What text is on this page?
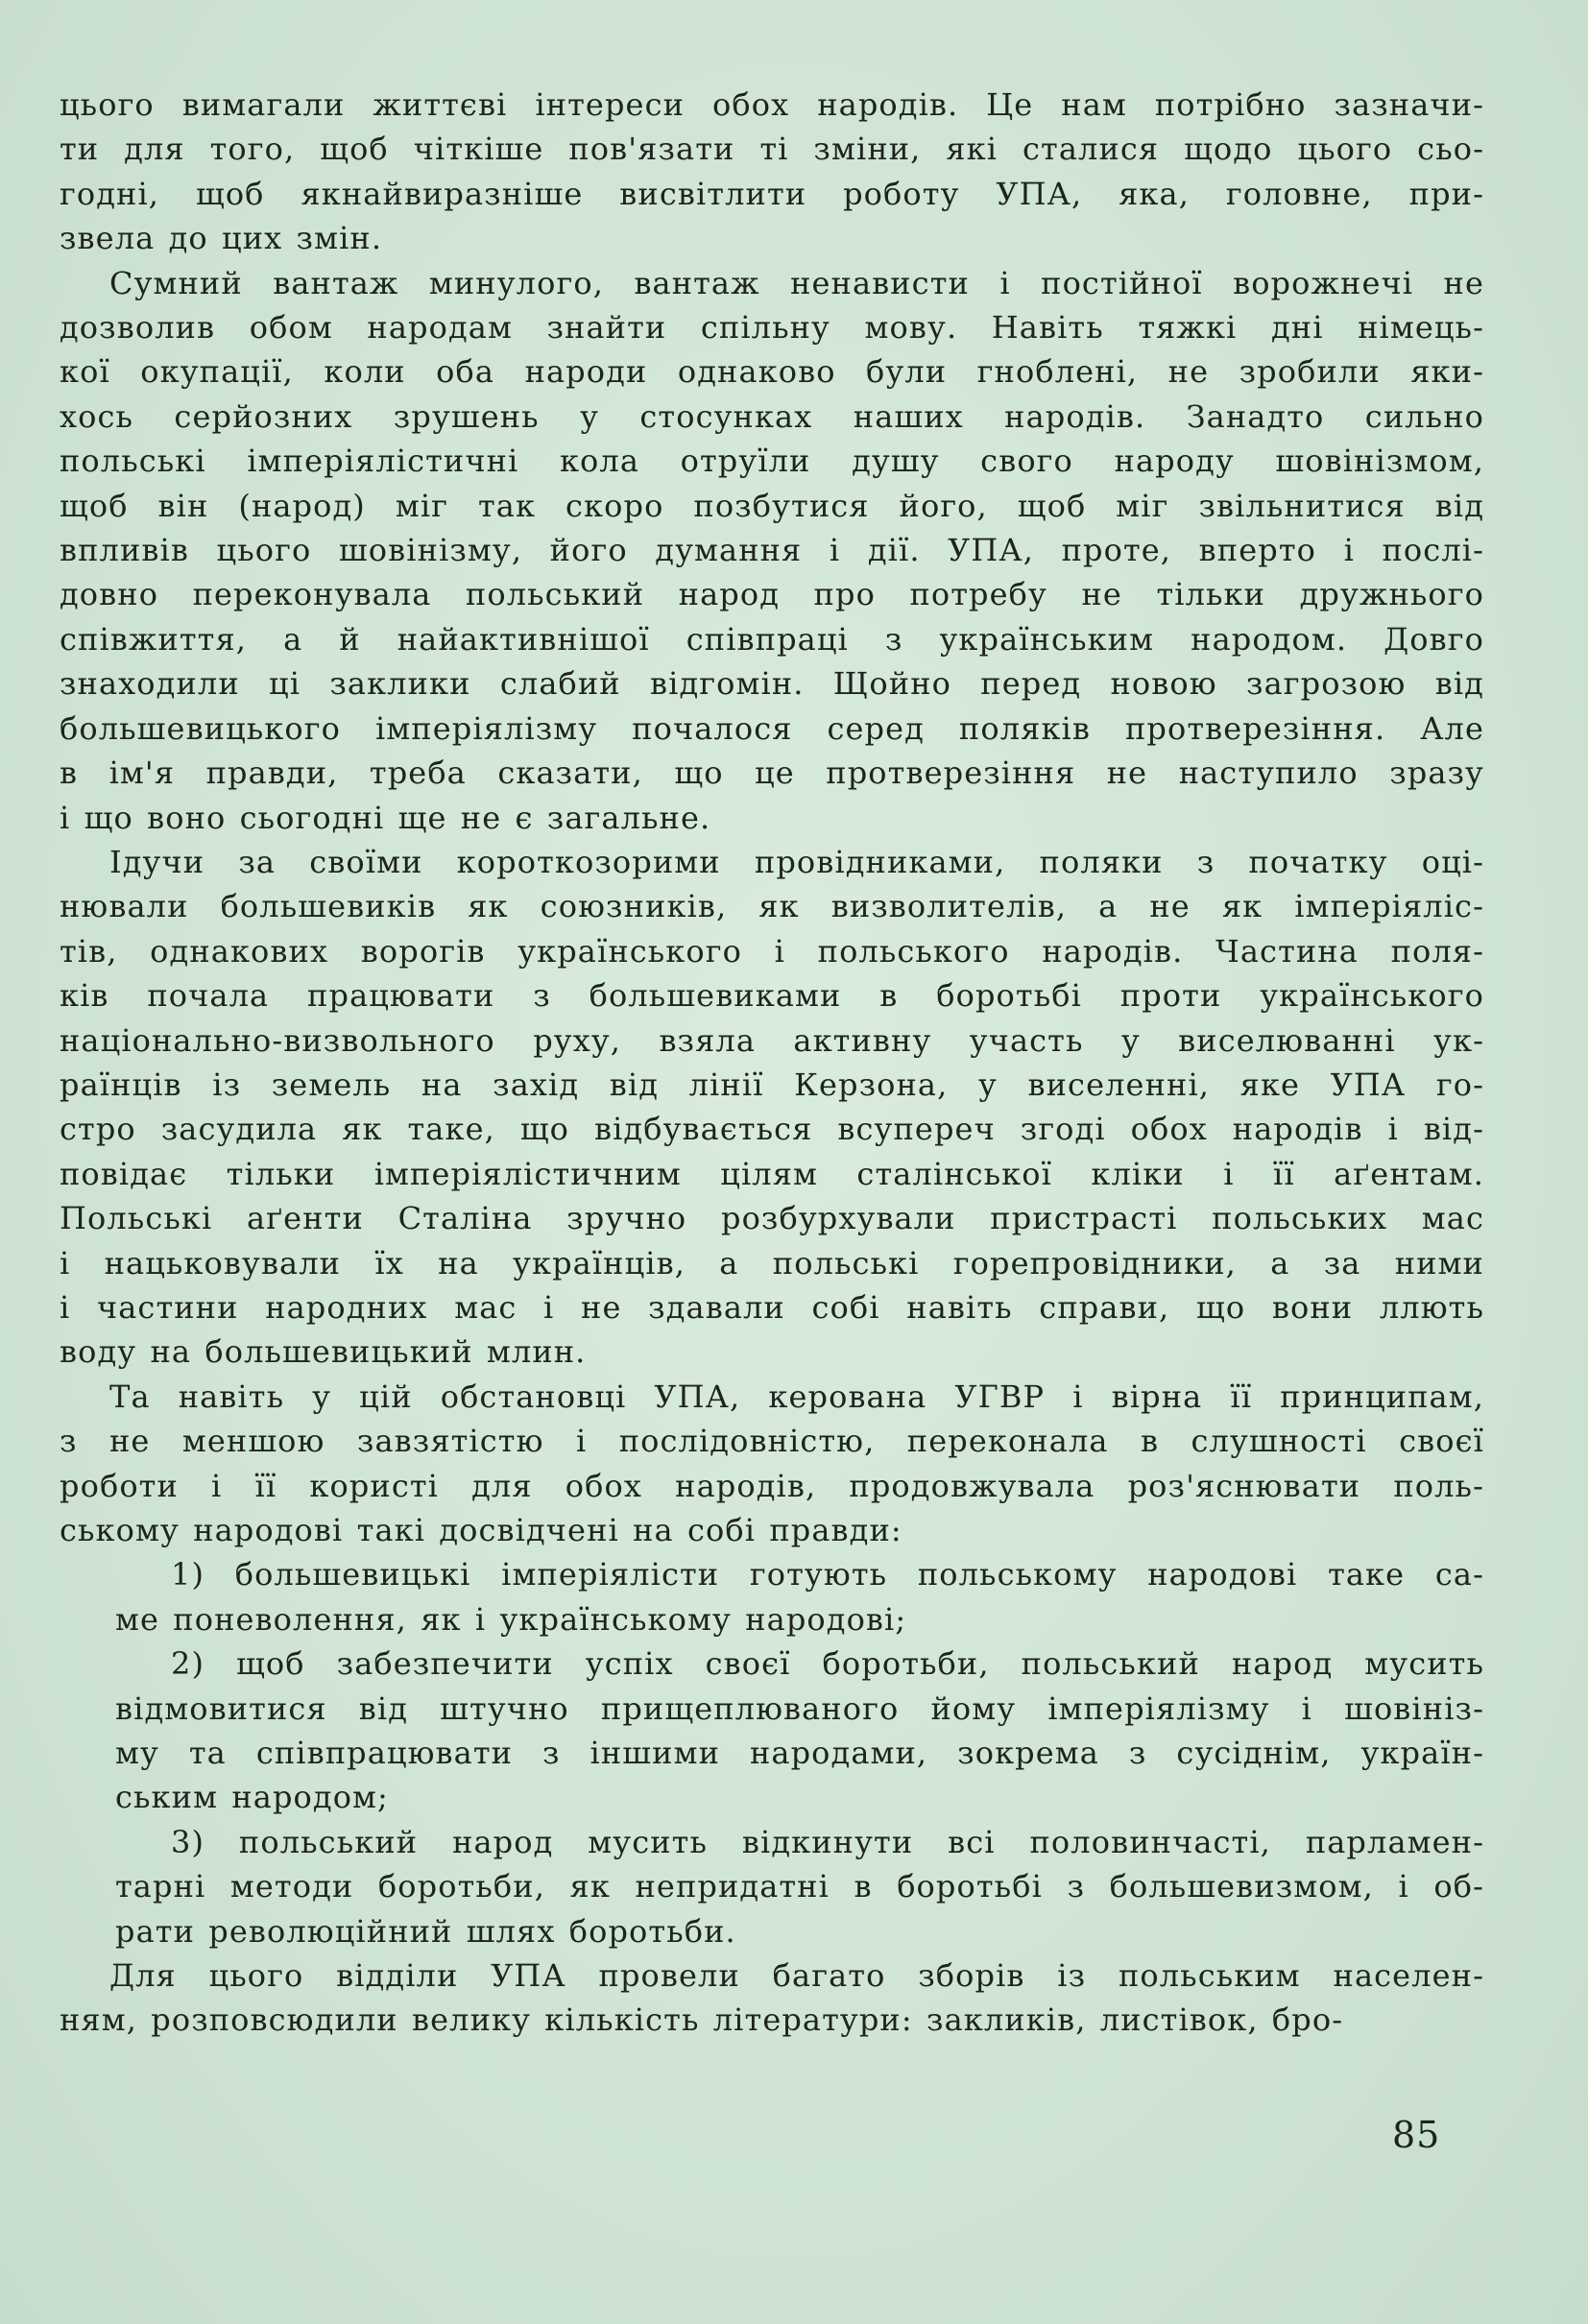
цього вимагали життєві інтереси обох народів. Це нам потрібно зазначи-
ти для того, щоб чіткіше пов'язати ті зміни, які сталися щодо цього сьо-
годні, щоб якнайвиразніше висвітлити роботу УПА, яка, головне, при-
звела до цих змін.
Сумний вантаж минулого, вантаж ненависти і постійної ворожнечі не
дозволив обом народам знайти спільну мову. Навіть тяжкі дні німець-
кої окупації, коли оба народи однаково були гноблені, не зробили яки-
хось серйозних зрушень у стосунках наших народів. Занадто сильно
польські імперіялістичні кола отруїли душу свого народу шовінізмом,
щоб він (народ) міг так скоро позбутися його, щоб міг звільнитися від
впливів цього шовінізму, його думання і дії. УПА, проте, вперто і послі-
довно переконувала польський народ про потребу не тільки дружнього
співжиття, а й найактивнішої співпраці з українським народом. Довго
знаходили ці заклики слабий відгомін. Щойно перед новою загрозою від
большевицького імперіялізму почалося серед поляків протверезіння. Але
в ім'я правди, треба сказати, що це протверезіння не наступило зразу
і що воно сьогодні ще не є загальне.
Ідучи за своїми короткозорими провідниками, поляки з початку оці-
нювали большевиків як союзників, як визволителів, а не як імперіяліс-
тів, однакових ворогів українського і польського народів. Частина поля-
ків почала працювати з большевиками в боротьбі проти українського
національно-визвольного руху, взяла активну участь у виселюванні ук-
раїнців із земель на захід від лінії Керзона, у виселенні, яке УПА го-
стро засудила як таке, що відбувається всупереч згоді обох народів і від-
повідає тільки імперіялістичним цілям сталінської кліки і її аґентам.
Польські аґенти Сталіна зручно розбурхували пристрасті польських мас
і нацьковували їх на українців, а польські горепровідники, а за ними
і частини народних мас і не здавали собі навіть справи, що вони ллють
воду на большевицький млин.
Та навіть у цій обстановці УПА, керована УГВР і вірна її принципам,
з не меншою завзятістю і послідовністю, переконала в слушності своєї
роботи і її користі для обох народів, продовжувала роз'яснювати поль-
ському народові такі досвідчені на собі правди:
1) большевицькі імперіялісти готують польському народові таке са-
ме поневолення, як і українському народові;
2) щоб забезпечити успіх своєї боротьби, польський народ мусить
відмовитися від штучно прищеплюваного йому імперіялізму і шовініз-
му та співпрацювати з іншими народами, зокрема з сусіднім, україн-
ським народом;
3) польський народ мусить відкинути всі половинчасті, парламен-
тарні методи боротьби, як непридатні в боротьбі з большевизмом, і об-
рати революційний шлях боротьби.
Для цього відділи УПА провели багато зборів із польським населен-
ням, розповсюдили велику кількість літератури: закликів, листівок, бро-
85
